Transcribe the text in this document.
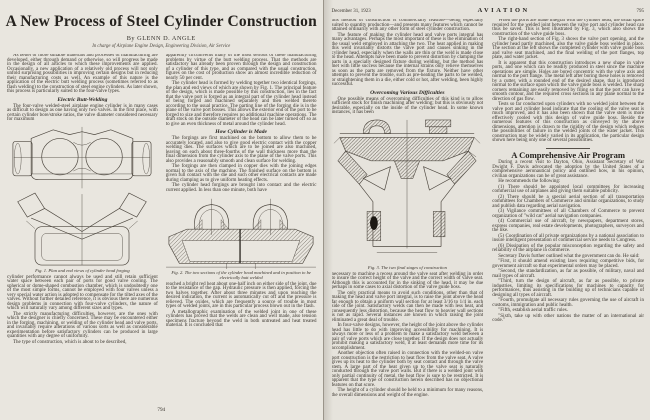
A New Process of Steel Cylinder Construction
By GLENN D. ANGLE
In charge of Airplane Engine Design, Engineering Division, Air Service

As better or more suitable materials and processes of manufacturing are developed, either through demand or otherwise, so will progress be made in the design of all articles to which these improvements are applied. Occasionally, a new application of a relatively old process will not only unfold surprising possibilities in improving certain designs but in reducing their manufacturing costs as well. An example of this nature is the application of the electric butt welding process (sometimes referred to as flash welding) to the construction of steel engine cylinders. As later shown, this process is particularly suited to the four-valve types.

Electric Butt-Welding

The four-valve welded-steel airplane engine cylinder is in many cases as difficult to design as one having only two valves. In the first place, with certain cylinder bore/stroke ratios, the valve diameter considered necessary for maximum

Fig. 1. Plan and end views of cylinder head forging

cylinder performance cannot always be used and still retain sufficient water space between each pair of ports for good valve cooling. The spherical or dome-shaped combustion chamber, which is undoubtedly one of the most simple forms, cannot be employed with four valves unless a very special water action is adopted to compensate for the tilted axes of the valves. Without further detailed reference, it is obvious there are numerous design problems in connection with four-valve cylinders, the nature of which will naturally vary among different sizes and types.

The strictly manufacturing difficulties, however, are the ones with which the designer is chiefly concerned. These may be encountered either in the forging, machining, or welding of the cylinder head and valve ports, and invariably require alterations of various sorts as well as considerable experimentation before satisfactory cylinders can be produced in large quantities with any degree of uniformity.

The type of construction, which is about to be described,

apparently circumvents many of the most serious of these manufacturing problems by virtue of the butt welding process. That the methods are satisfactory has already been proven through the design and construction of a cylinder of this type, and as compared with the usual construction, figures on the cost of production show an almost incredible reduction of nearly 50 per cent.

The cylinder head is formed by welding together two identical forgings, the plan and end views of which are shown by Fig. 1. The principal feature of the design, which is made possible by this construction, lies in the fact that the valve port is forged as an integral part of the cylinder head instead of being forged and machined separately and then welded thereto according to the usual practice. The parting line of the forging die is in the plane of the valve port bosses. This allows the exterior end of the port to be forged to size and therefore requires no additional machine operations. The draft stock on the outside diameter of the head can be later turned off so as to give an even thickness of metal around the cylinder head.

How Cylinder is Made

The forgings are first machined on the bottom to allow them to be accurately located, and also to give good electric contact with the copper welding dies. The surfaces which are to be joined are also machined, leaving on each about three-fourths of the wall thickness more than the final dimension from the cylinder axis to the plane of the valve ports. This also provides a reasonably smooth and clean surface for welding.

The forgings are then clamped in copper dies with the joining edges normal to the axis of the machine. The finished surface on the bottom is given full contact with the die and such other electrical contacts are made during clamping as to give uniform heating effects.

The cylinder head forgings are brought into contact and the electric current applied. In less than one minute, both have

Fig. 2. The two sections of the cylinder head machined and in position to be electrically butt welded

reached a bright red heat about one-half inch on either side of the joint, due to the resistance of the gap. Hydraulic pressure is then applied, forcing the two halves together. After about three minutes and upon reaching the desired indication, the current is automatically cut off and the pressure is relieved. The oxides, which are frequently a source of trouble in most types of welded joints, are in this particular process blown out in the flash.

A metallographic examination of the welded joint in one of these cylinders has proved that the welds are clean and well made, also tension specimens fracture beyond the weld in both untreated and heat treated material. It is concluded that

794
December 31, 1923	AVIATION	795

this method of construction is commercially feasible—being especially suited to quantity production—and presents many features which cannot be attained ordinarily with any other form of steel cylinder construction.

The feature of making the cylinder head and valve ports integral has many advantages. Perhaps the most important of these is the elimination of the usual weld employed in attaching the two. The heat applied in making this weld invariably distorts the valve port and causes sinking in the cylinder head, especially when the walls are thin or the weld is made close to the head. Attempts have been made to prevent distortion by clamping the parts in a specially designed fixture during welding, but the method has met with little success because the internal strains only relieve themselves as soon as the parts are removed from the fixture. Neither have other attempts to prevent the trouble, such as pre-heating the parts to be welded, or straightening them in a die, either cold or hot, after welding, been highly successful.

Overcoming Various Difficulties

One possible means of overcoming difficulties of this kind is to allow sufficient stock for finish machining after welding; but this is obviously not desirable, especially on the inside of the cylinder head. In some known instances, it has been

Fig. 3. The two final stages of construction

necessary to machine a recess around the valve seat after welding in order to insure the correct height of the valve and the correct width of valve seat. Although this is accounted for in the sinking of the head, it may be due perhaps in some cases to axial distortion of the valve guide boss.

The only practical means to avoid such conditions, other than that of making the head and valve port integral, is to raise the joint above the head far enough to obtain a uniform wall section for at least 3/16 to 1/4 in. each side of the joint. Satisfactory welds can then be made with less heat, and consequently less distortion, because the heat flow to heavier wall sections is not as rapid. Several instances are known in which raising the joint eliminated a great deal of trouble.

In four-valve designs, however, the height of the joint above the cylinder head has little to do with improving accessibility for machining. It is always more or less of a problem to make a satisfactory weld between a pair of valve ports which are close together. If the design does not actually prohibit making a satisfactory weld, it at least demands more time for its accomplishment.

Another objection often raised in connection with the welded-on valve port construction is the restriction to heat flow from the valve seat. A valve gives up its heat to the cylinder both by seat contact and through the valve stem. A large part of the heat given up to the valve seat is naturally conducted through the valve port walls. But if there is a welded joint with only partial continuity of metal, the heat flow is sure to be restricted. It is apparent that the type of construction herein described has no objectional features on that score.

The height of a cylinder should be held to a minimum for many reasons, the overall dimensions and weight of the engine.

When the ports are made integral with the cylinder head, the usual space required for the welded joint between the valve port and cylinder head can thus be saved. This is best illustrated by Fig. 3, which also shows the construction of the valve guide boss.

The right-hand section of Fig. 3 shows the valve port opening, and the cylinder head partly machined, also the valve guide boss welded in place. The section at the left shows the completed cylinder with valve guide boss and valve seat machined, and the final welding of the port flanges, top plate, and water jacket.

It is apparent that this construction introduces a new shape in valve ports, and one which can be readily produced in steel since the machine operations are simple. Holes are bored concentric with the valve axis and normal to the port flange. The metal left after boring these holes is removed by a cutter, with a rounded end of the desired shape, that is introduced normal to the surface upon which the valve guide boss is welded. The sharp corners remaining are easily removed by filing so that the port can have a smooth contour, and the required cross sections in any plane normal to the direction of gas flow.

Tests so far conducted upon cylinders with no welded joint between the valve port and cylinder head indicate that the cooling of the valve seat is much improved, and it has also been shown that the valve stem is more effectively cooled with this design of valve guide boss. Beside the numerous features of this construction as conveyed by the above dimensions, attention is drawn to the rigidity of the design which reduces the possibilities of failure in the welded joints of the water jacket. This construction may be widely varied in its application, the particular design shown here being only one of several possibilities.

A Comprehensive Air Program

During a recent visit to Dayton, Ohio, Assistant Secretary of War Dwight F. Davis advocated the adoption by the United States of a comprehensive aeronautical policy and outlined how, in his opinion, civilian organizations can be of great assistance.

He recommends the following:

(1) There should be appointed local committees for increasing commercial use of airplanes and giving them suitable publicity.

(2) There should be a special aerial section of all transportation committees for Chambers of Commerce and similar organizations, to study and publish data regarding aerial navigation.

(3) Vigilance committees of all Chambers of Commerce to prevent organization of "wild cat" aerial navigation companies.

(4) Commercial use of aircraft, by newspapers, department stores, express companies, real estate developments, photographers, surveyors and the like.

(5) Coordination of all private organizations by a national association to insure intelligent presentation of commercial service needs to Congress.

(6) Dissipation of the popular misconception regarding the safety and reliability of the airplane in commerce.

Secretary Davis further outlined what the government can do. He said:

"First, it should amend existing laws requiring competitive bids, for government aircraft so that experimental orders may be placed.

"Second, the standardization, as far as possible, of military, naval and mail types of aircraft.

"Third, turn the design of aircraft, as far as possible, to private industries, limiting its specifications for machines to capacity for performances, thus assisting in the building up of technicians capable of designing all types of aircraft.

"Fourth, promulgate all necessary rules governing the use of aircraft in customs, immigration and public health.

"Fifth, establish aerial traffic rules.

"Sixth, take up with other nations the matter of an international air code."
